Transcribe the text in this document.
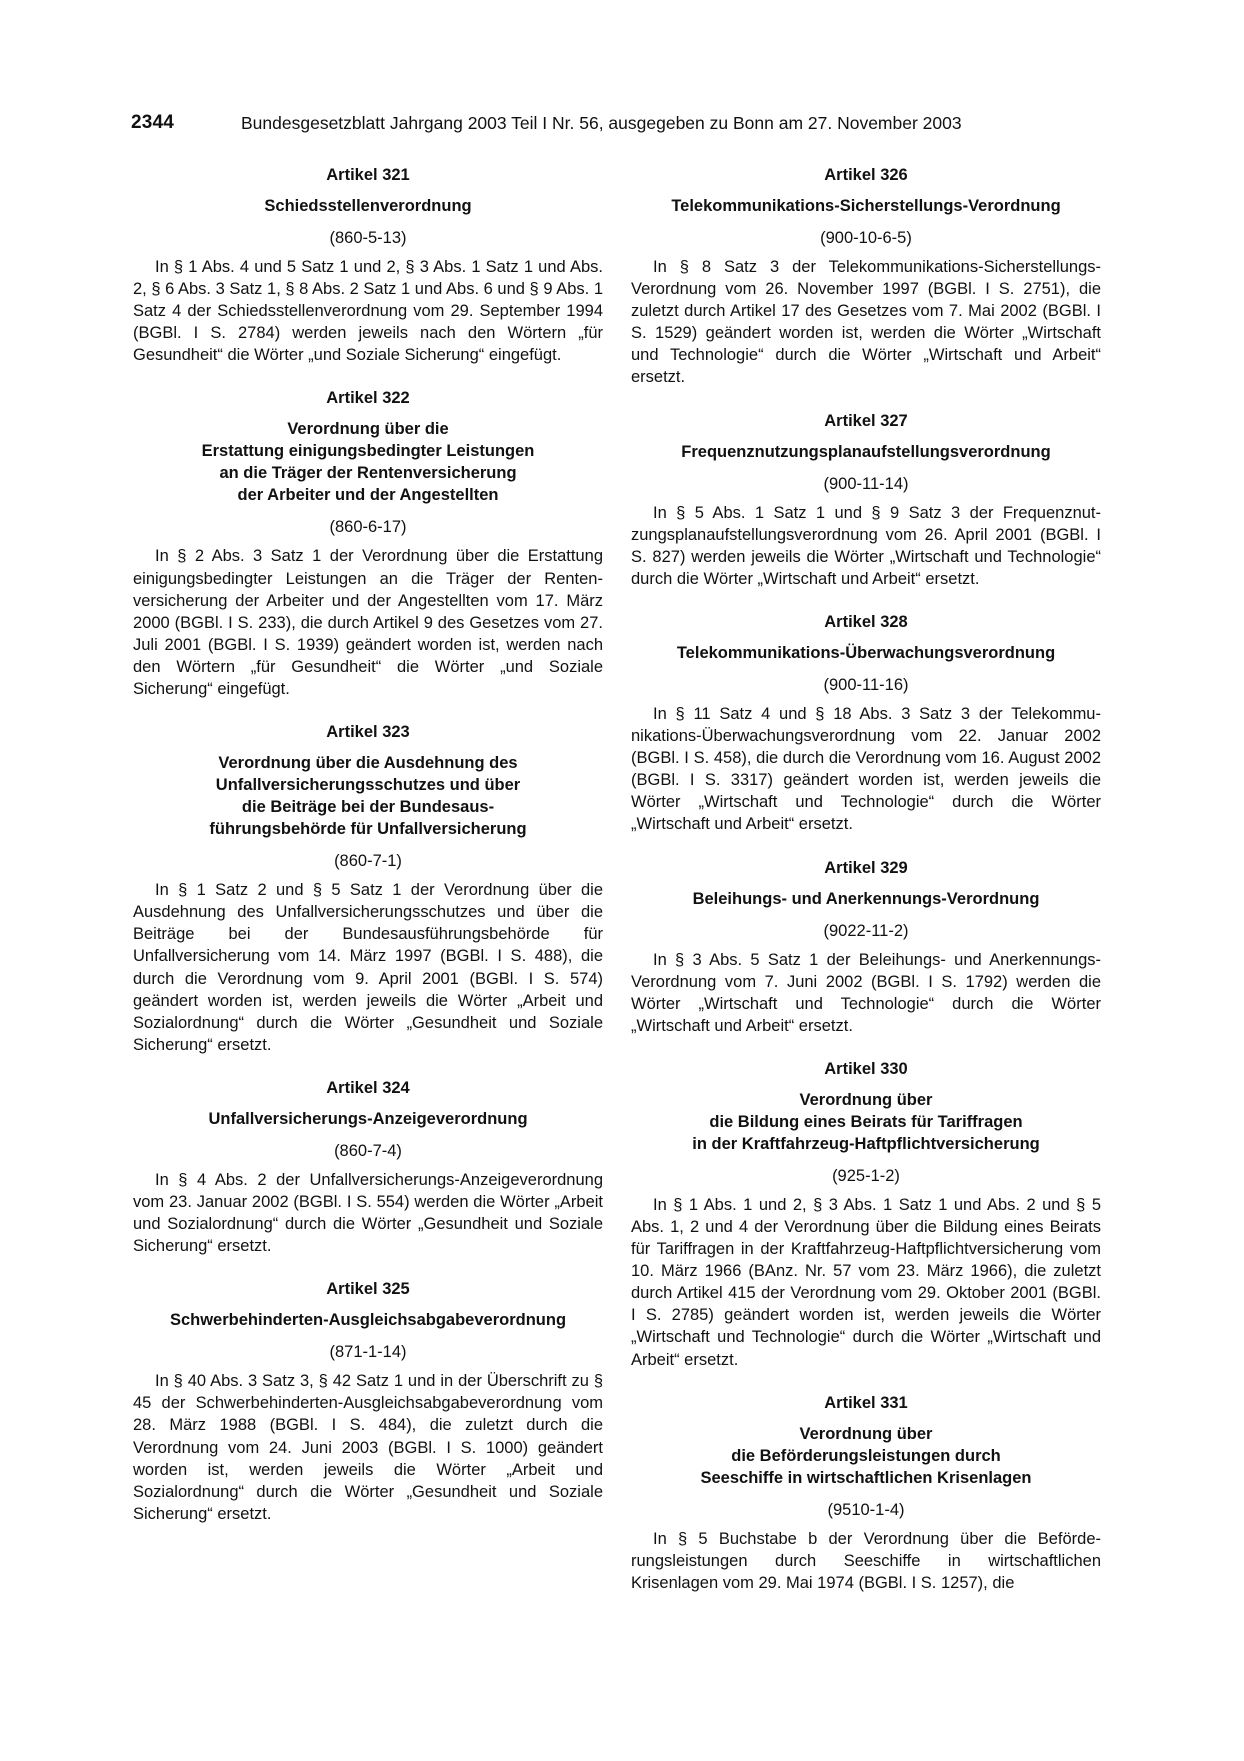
2344	Bundesgesetzblatt Jahrgang 2003 Teil I Nr. 56, ausgegeben zu Bonn am 27. November 2003
Artikel 321
Schiedsstellenverordnung
(860-5-13)

In § 1 Abs. 4 und 5 Satz 1 und 2, § 3 Abs. 1 Satz 1 und Abs. 2, § 6 Abs. 3 Satz 1, § 8 Abs. 2 Satz 1 und Abs. 6 und § 9 Abs. 1 Satz 4 der Schiedsstellenverordnung vom 29. September 1994 (BGBl. I S. 2784) werden jeweils nach den Wörtern „für Gesundheit“ die Wörter „und Soziale Sicherung“ eingefügt.

Artikel 322
Verordnung über die
Erstattung einigungsbedingter Leistungen
an die Träger der Rentenversicherung
der Arbeiter und der Angestellten
(860-6-17)

In § 2 Abs. 3 Satz 1 der Verordnung über die Erstattung einigungsbedingter Leistungen an die Träger der Rentenversicherung der Arbeiter und der Angestellten vom 17. März 2000 (BGBl. I S. 233), die durch Artikel 9 des Gesetzes vom 27. Juli 2001 (BGBl. I S. 1939) geändert worden ist, werden nach den Wörtern „für Gesundheit“ die Wörter „und Soziale Sicherung“ eingefügt.

Artikel 323
Verordnung über die Ausdehnung des
Unfallversicherungsschutzes und über
die Beiträge bei der Bundesaus-
führungsbehörde für Unfallversicherung
(860-7-1)

In § 1 Satz 2 und § 5 Satz 1 der Verordnung über die Ausdehnung des Unfallversicherungsschutzes und über die Beiträge bei der Bundesausführungsbehörde für Unfallversicherung vom 14. März 1997 (BGBl. I S. 488), die durch die Verordnung vom 9. April 2001 (BGBl. I S. 574) geändert worden ist, werden jeweils die Wörter „Arbeit und Sozialordnung“ durch die Wörter „Gesundheit und Soziale Sicherung“ ersetzt.

Artikel 324
Unfallversicherungs-Anzeigeverordnung
(860-7-4)

In § 4 Abs. 2 der Unfallversicherungs-Anzeigeverordnung vom 23. Januar 2002 (BGBl. I S. 554) werden die Wörter „Arbeit und Sozialordnung“ durch die Wörter „Gesundheit und Soziale Sicherung“ ersetzt.

Artikel 325
Schwerbehinderten-Ausgleichsabgabeverordnung
(871-1-14)

In § 40 Abs. 3 Satz 3, § 42 Satz 1 und in der Überschrift zu § 45 der Schwerbehinderten-Ausgleichsabgabeverordnung vom 28. März 1988 (BGBl. I S. 484), die zuletzt durch die Verordnung vom 24. Juni 2003 (BGBl. I S. 1000) geändert worden ist, werden jeweils die Wörter „Arbeit und Sozialordnung“ durch die Wörter „Gesundheit und Soziale Sicherung“ ersetzt.

Artikel 326
Telekommunikations-Sicherstellungs-Verordnung
(900-10-6-5)

In § 8 Satz 3 der Telekommunikations-Sicherstellungs-Verordnung vom 26. November 1997 (BGBl. I S. 2751), die zuletzt durch Artikel 17 des Gesetzes vom 7. Mai 2002 (BGBl. I S. 1529) geändert worden ist, werden die Wörter „Wirtschaft und Technologie“ durch die Wörter „Wirtschaft und Arbeit“ ersetzt.

Artikel 327
Frequenznutzungsplanaufstellungsverordnung
(900-11-14)

In § 5 Abs. 1 Satz 1 und § 9 Satz 3 der Frequenznutzungsplanaufstellungsverordnung vom 26. April 2001 (BGBl. I S. 827) werden jeweils die Wörter „Wirtschaft und Technologie“ durch die Wörter „Wirtschaft und Arbeit“ ersetzt.

Artikel 328
Telekommunikations-Überwachungsverordnung
(900-11-16)

In § 11 Satz 4 und § 18 Abs. 3 Satz 3 der Telekommunikations-Überwachungsverordnung vom 22. Januar 2002 (BGBl. I S. 458), die durch die Verordnung vom 16. August 2002 (BGBl. I S. 3317) geändert worden ist, werden jeweils die Wörter „Wirtschaft und Technologie“ durch die Wörter „Wirtschaft und Arbeit“ ersetzt.

Artikel 329
Beleihungs- und Anerkennungs-Verordnung
(9022-11-2)

In § 3 Abs. 5 Satz 1 der Beleihungs- und Anerkennungs-Verordnung vom 7. Juni 2002 (BGBl. I S. 1792) werden die Wörter „Wirtschaft und Technologie“ durch die Wörter „Wirtschaft und Arbeit“ ersetzt.

Artikel 330
Verordnung über
die Bildung eines Beirats für Tariffragen
in der Kraftfahrzeug-Haftpflichtversicherung
(925-1-2)

In § 1 Abs. 1 und 2, § 3 Abs. 1 Satz 1 und Abs. 2 und § 5 Abs. 1, 2 und 4 der Verordnung über die Bildung eines Beirats für Tariffragen in der Kraftfahrzeug-Haftpflichtversicherung vom 10. März 1966 (BAnz. Nr. 57 vom 23. März 1966), die zuletzt durch Artikel 415 der Verordnung vom 29. Oktober 2001 (BGBl. I S. 2785) geändert worden ist, werden jeweils die Wörter „Wirtschaft und Technologie“ durch die Wörter „Wirtschaft und Arbeit“ ersetzt.

Artikel 331
Verordnung über
die Beförderungsleistungen durch
Seeschiffe in wirtschaftlichen Krisenlagen
(9510-1-4)

In § 5 Buchstabe b der Verordnung über die Beförderungsleistungen durch Seeschiffe in wirtschaftlichen Krisenlagen vom 29. Mai 1974 (BGBl. I S. 1257), die
